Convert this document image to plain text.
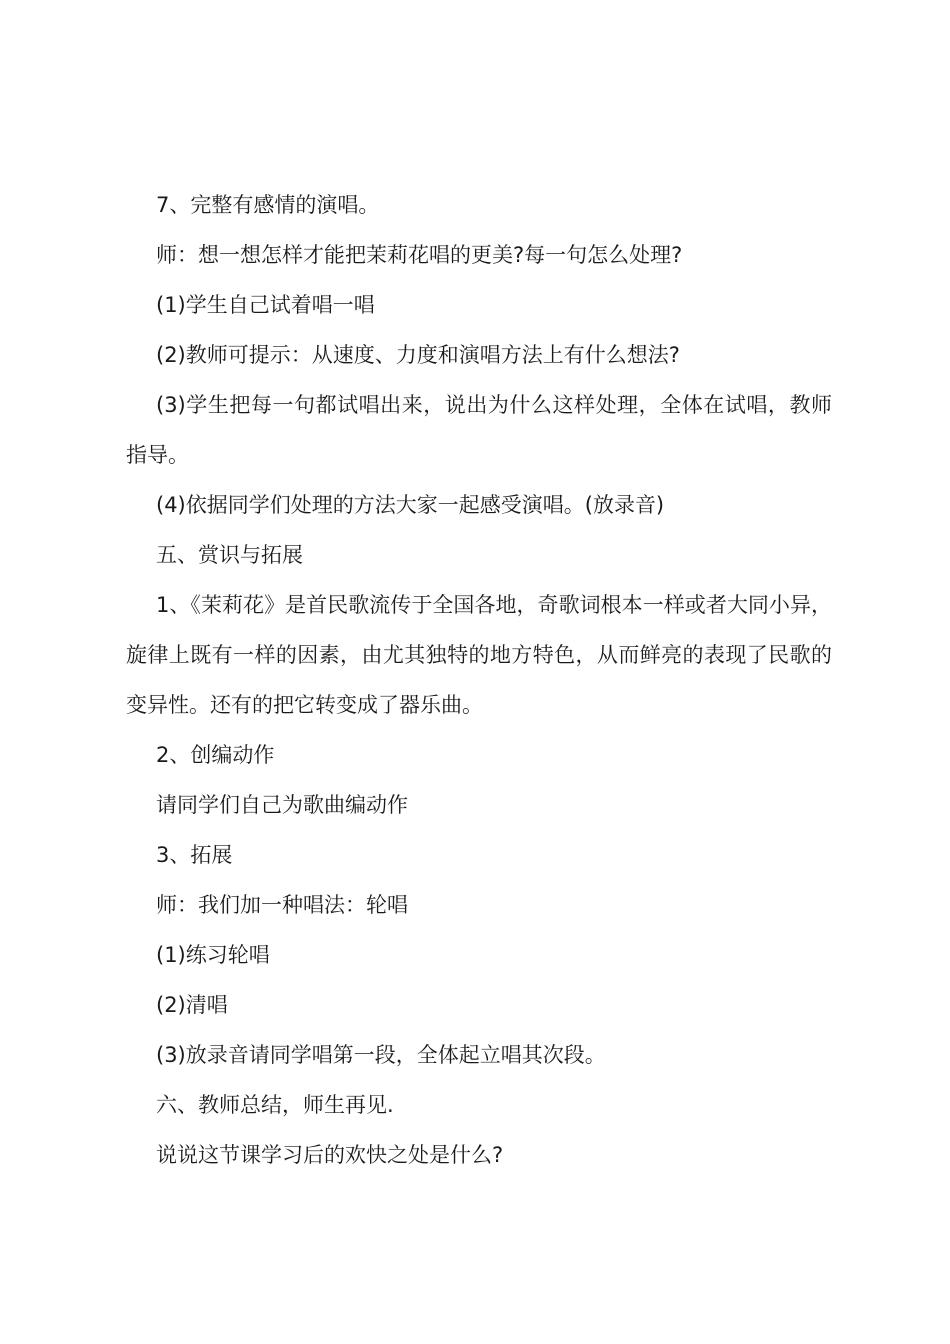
7、完整有感情的演唱。

师：想一想怎样才能把茉莉花唱的更美?每一句怎么处理?

(1)学生自己试着唱一唱

(2)教师可提示：从速度、力度和演唱方法上有什么想法?

(3)学生把每一句都试唱出来，说出为什么这样处理，全体在试唱，教师指导。

(4)依据同学们处理的方法大家一起感受演唱。(放录音)

五、赏识与拓展

1、《茉莉花》是首民歌流传于全国各地，奇歌词根本一样或者大同小异，旋律上既有一样的因素，由尤其独特的地方特色，从而鲜亮的表现了民歌的变异性。还有的把它转变成了器乐曲。

2、创编动作

请同学们自己为歌曲编动作

3、拓展

师：我们加一种唱法：轮唱

(1)练习轮唱

(2)清唱

(3)放录音请同学唱第一段，全体起立唱其次段。

六、教师总结，师生再见.

说说这节课学习后的欢快之处是什么?
